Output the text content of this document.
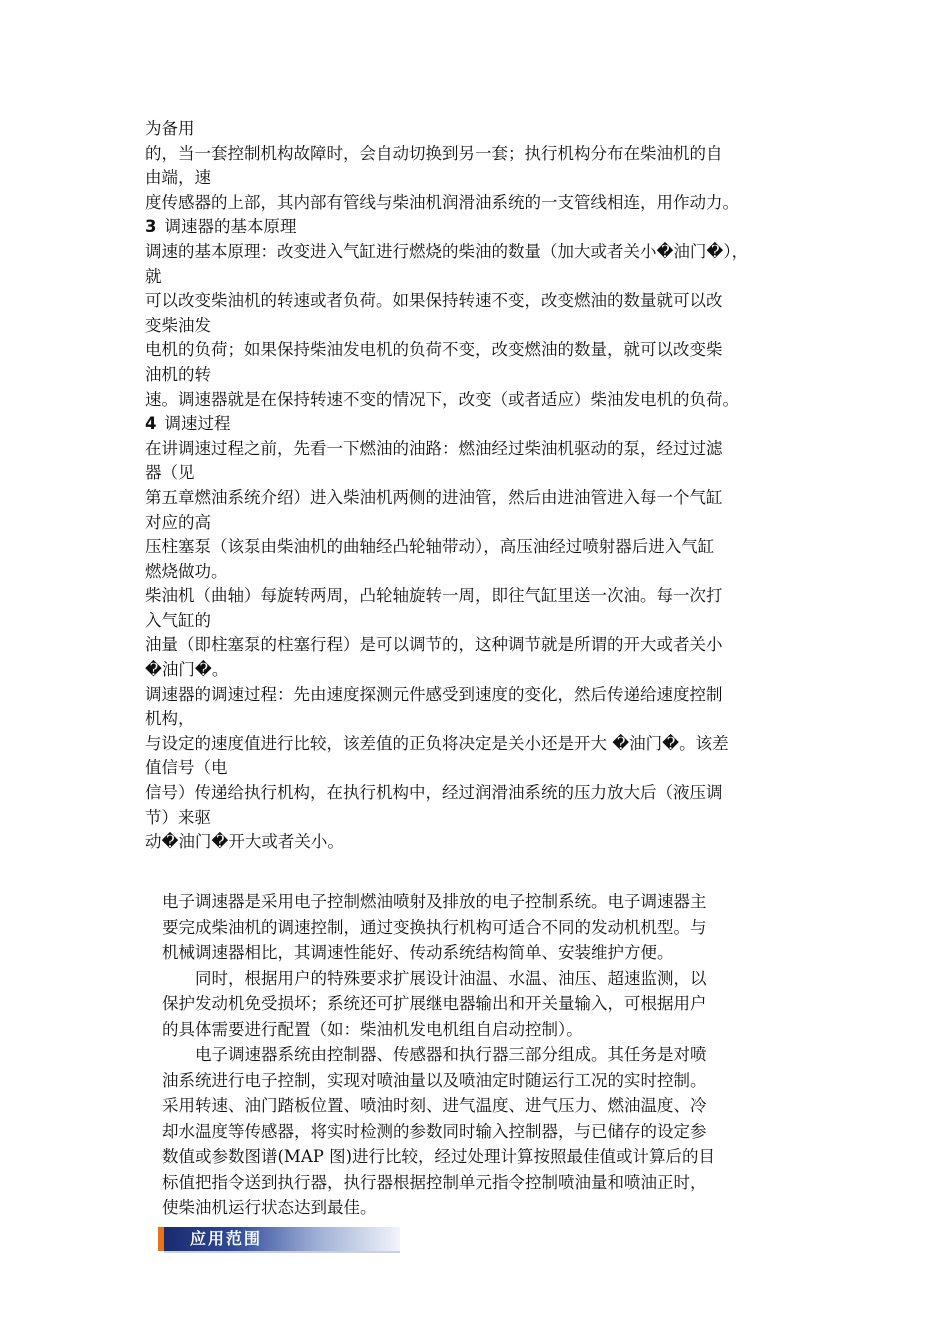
为备用
的，当一套控制机构故障时，会自动切换到另一套；执行机构分布在柴油机的自
由端，速
度传感器的上部，其内部有管线与柴油机润滑油系统的一支管线相连，用作动力。
3 调速器的基本原理
调速的基本原理：改变进入气缸进行燃烧的柴油的数量（加大或者关小�油门�），
就
可以改变柴油机的转速或者负荷。如果保持转速不变，改变燃油的数量就可以改
变柴油发
电机的负荷；如果保持柴油发电机的负荷不变，改变燃油的数量，就可以改变柴
油机的转
速。调速器就是在保持转速不变的情况下，改变（或者适应）柴油发电机的负荷。
4 调速过程
在讲调速过程之前，先看一下燃油的油路：燃油经过柴油机驱动的泵，经过过滤
器（见
第五章燃油系统介绍）进入柴油机两侧的进油管，然后由进油管进入每一个气缸
对应的高
压柱塞泵（该泵由柴油机的曲轴经凸轮轴带动），高压油经过喷射器后进入气缸
燃烧做功。
柴油机（曲轴）每旋转两周，凸轮轴旋转一周，即往气缸里送一次油。每一次打
入气缸的
油量（即柱塞泵的柱塞行程）是可以调节的，这种调节就是所谓的开大或者关小
�油门�。
调速器的调速过程：先由速度探测元件感受到速度的变化，然后传递给速度控制
机构，
与设定的速度值进行比较，该差值的正负将决定是关小还是开大 �油门�。该差
值信号（电
信号）传递给执行机构，在执行机构中，经过润滑油系统的压力放大后（液压调
节）来驱
动�油门�开大或者关小。
电子调速器是采用电子控制燃油喷射及排放的电子控制系统。电子调速器主
要完成柴油机的调速控制，通过变换执行机构可适合不同的发动机机型。与
机械调速器相比，其调速性能好、传动系统结构简单、安装维护方便。
同时，根据用户的特殊要求扩展设计油温、水温、油压、超速监测，以
保护发动机免受损坏；系统还可扩展继电器输出和开关量输入，可根据用户
的具体需要进行配置（如：柴油机发电机组自启动控制）。
电子调速器系统由控制器、传感器和执行器三部分组成。其任务是对喷
油系统进行电子控制，实现对喷油量以及喷油定时随运行工况的实时控制。
采用转速、油门踏板位置、喷油时刻、进气温度、进气压力、燃油温度、冷
却水温度等传感器，将实时检测的参数同时输入控制器，与已储存的设定参
数值或参数图谱(MAP 图)进行比较，经过处理计算按照最佳值或计算后的目
标值把指令送到执行器，执行器根据控制单元指令控制喷油量和喷油正时，
使柴油机运行状态达到最佳。
应用范围
